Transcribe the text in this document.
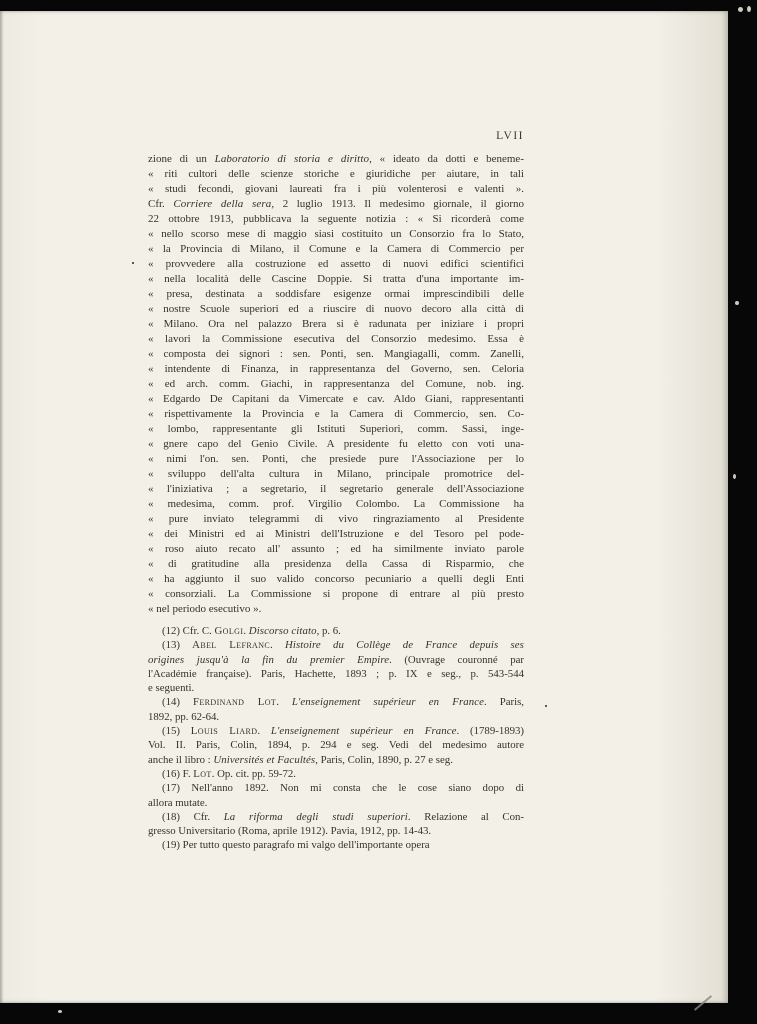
LVII
zione di un Laboratorio di storia e diritto, « ideato da dotti e beneme-
« riti cultori delle scienze storiche e giuridiche per aiutare, in tali
« studi fecondi, giovani laureati fra i più volenterosi e valenti ».
Cfr. Corriere della sera, 2 luglio 1913. Il medesimo giornale, il giorno
22 ottobre 1913, pubblicava la seguente notizia : « Si ricorderà come
« nello scorso mese di maggio siasi costituito un Consorzio fra lo Stato,
« la Provincia di Milano, il Comune e la Camera di Commercio per
« provvedere alla costruzione ed assetto di nuovi edifici scientifici
« nella località delle Cascine Doppie. Si tratta d'una importante im-
« presa, destinata a soddisfare esigenze ormai imprescindibili delle
« nostre Scuole superiori ed a riuscire di nuovo decoro alla città di
« Milano. Ora nel palazzo Brera si è radunata per iniziare i propri
« lavori la Commissione esecutiva del Consorzio medesimo. Essa è
« composta dei signori : sen. Ponti, sen. Mangiagalli, comm. Zanelli,
« intendente di Finanza, in rappresentanza del Governo, sen. Celoria
« ed arch. comm. Giachi, in rappresentanza del Comune, nob. ing.
« Edgardo De Capitani da Vimercate e cav. Aldo Giani, rappresentanti
« rispettivamente la Provincia e la Camera di Commercio, sen. Co-
« lombo, rappresentante gli Istituti Superiori, comm. Sassi, inge-
« gnere capo del Genio Civile. A presidente fu eletto con voti una-
« nimi l'on. sen. Ponti, che presiede pure l'Associazione per lo
« sviluppo dell'alta cultura in Milano, principale promotrice del-
« l'iniziativa ; a segretario, il segretario generale dell'Associazione
« medesima, comm. prof. Virgilio Colombo. La Commissione ha
« pure inviato telegrammi di vivo ringraziamento al Presidente
« dei Ministri ed ai Ministri dell'Istruzione e del Tesoro pel pode-
« roso aiuto recato all' assunto ; ed ha similmente inviato parole
« di gratitudine alla presidenza della Cassa di Risparmio, che
« ha aggiunto il suo valido concorso pecuniario a quelli degli Enti
« consorziali. La Commissione si propone di entrare al più presto
« nel periodo esecutivo ».
(12) Cfr. C. Golgi. Discorso citato, p. 6.
(13) Abel Lefranc. Histoire du Collège de France depuis ses
origines jusqu'à la fin du premier Empire. (Ouvrage couronné par
l'Académie française). Paris, Hachette, 1893 ; p. IX e seg., p. 543-544
e seguenti.
(14) Ferdinand Lot. L'enseignement supérieur en France. Paris,
1892, pp. 62-64.
(15) Louis Liard. L'enseignement supérieur en France. (1789-1893)
Vol. II. Paris, Colin, 1894, p. 294 e seg. Vedi del medesimo autore
anche il libro : Universités et Facultés, Paris, Colin, 1890, p. 27 e seg.
(16) F. Lot. Op. cit. pp. 59-72.
(17) Nell'anno 1892. Non mi consta che le cose siano dopo di
allora mutate.
(18) Cfr. La riforma degli studi superiori. Relazione al Con-
gresso Universitario (Roma, aprile 1912). Pavia, 1912, pp. 14-43.
(19) Per tutto questo paragrafo mi valgo dell'importante opera
